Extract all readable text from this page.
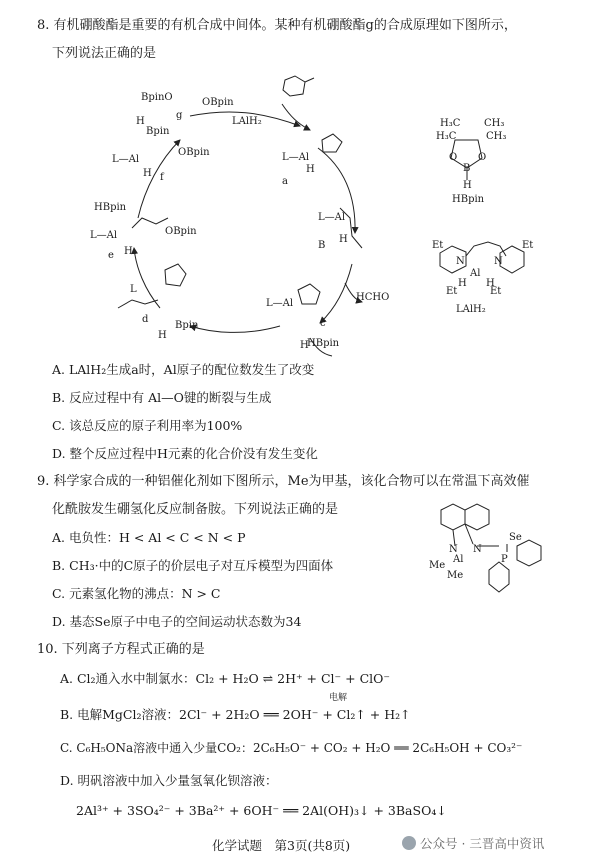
8. 有机硼酸酯是重要的有机合成中间体。某种有机硼酸酯g的合成原理如下图所示，
下列说法正确的是
BpinO	OBpin
g
LAlH₂
H
Bpin
L—Al
OBpin
H f
L—Al
H
a
HBpin
L—Al	OBpin
H
e
L—Al
H
B
HCHO
L
d
Bpin
H
L—Al
c
H
HBpin
H₃C
H₃C
CH₃
CH₃
O O
B
H
HBpin
Et	Et
N	N
Al
H H
Et	Et
LAlH₂
A. LAlH₂生成a时，Al原子的配位数发生了改变
B. 反应过程中有 Al—O键的断裂与生成
C. 该总反应的原子利用率为100%
D. 整个反应过程中H元素的化合价没有发生变化
9. 科学家合成的一种铝催化剂如下图所示，Me为甲基，该化合物可以在常温下高效催
化酰胺发生硼氢化反应制备胺。下列说法正确的是
A. 电负性：H < Al < C < N < P
B. CH₃·中的C原子的价层电子对互斥模型为四面体
C. 元素氢化物的沸点：N > C
D. 基态Se原子中电子的空间运动状态数为34
N N
Al
Me
Me
P
Se
10. 下列离子方程式正确的是
A. Cl₂通入水中制氯水：Cl₂ + H₂O ⇌ 2H⁺ + Cl⁻ + ClO⁻
电解
B. 电解MgCl₂溶液：2Cl⁻ + 2H₂O ══ 2OH⁻ + Cl₂↑ + H₂↑
C. C₆H₅ONa溶液中通入少量CO₂：2C₆H₅O⁻ + CO₂ + H₂O ══ 2C₆H₅OH + CO₃²⁻
D. 明矾溶液中加入少量氢氧化钡溶液：
2Al³⁺ + 3SO₄²⁻ + 3Ba²⁺ + 6OH⁻ ══ 2Al(OH)₃↓ + 3BaSO₄↓
化学试题　第3页(共8页)	公众号 · 三晋高中资讯
